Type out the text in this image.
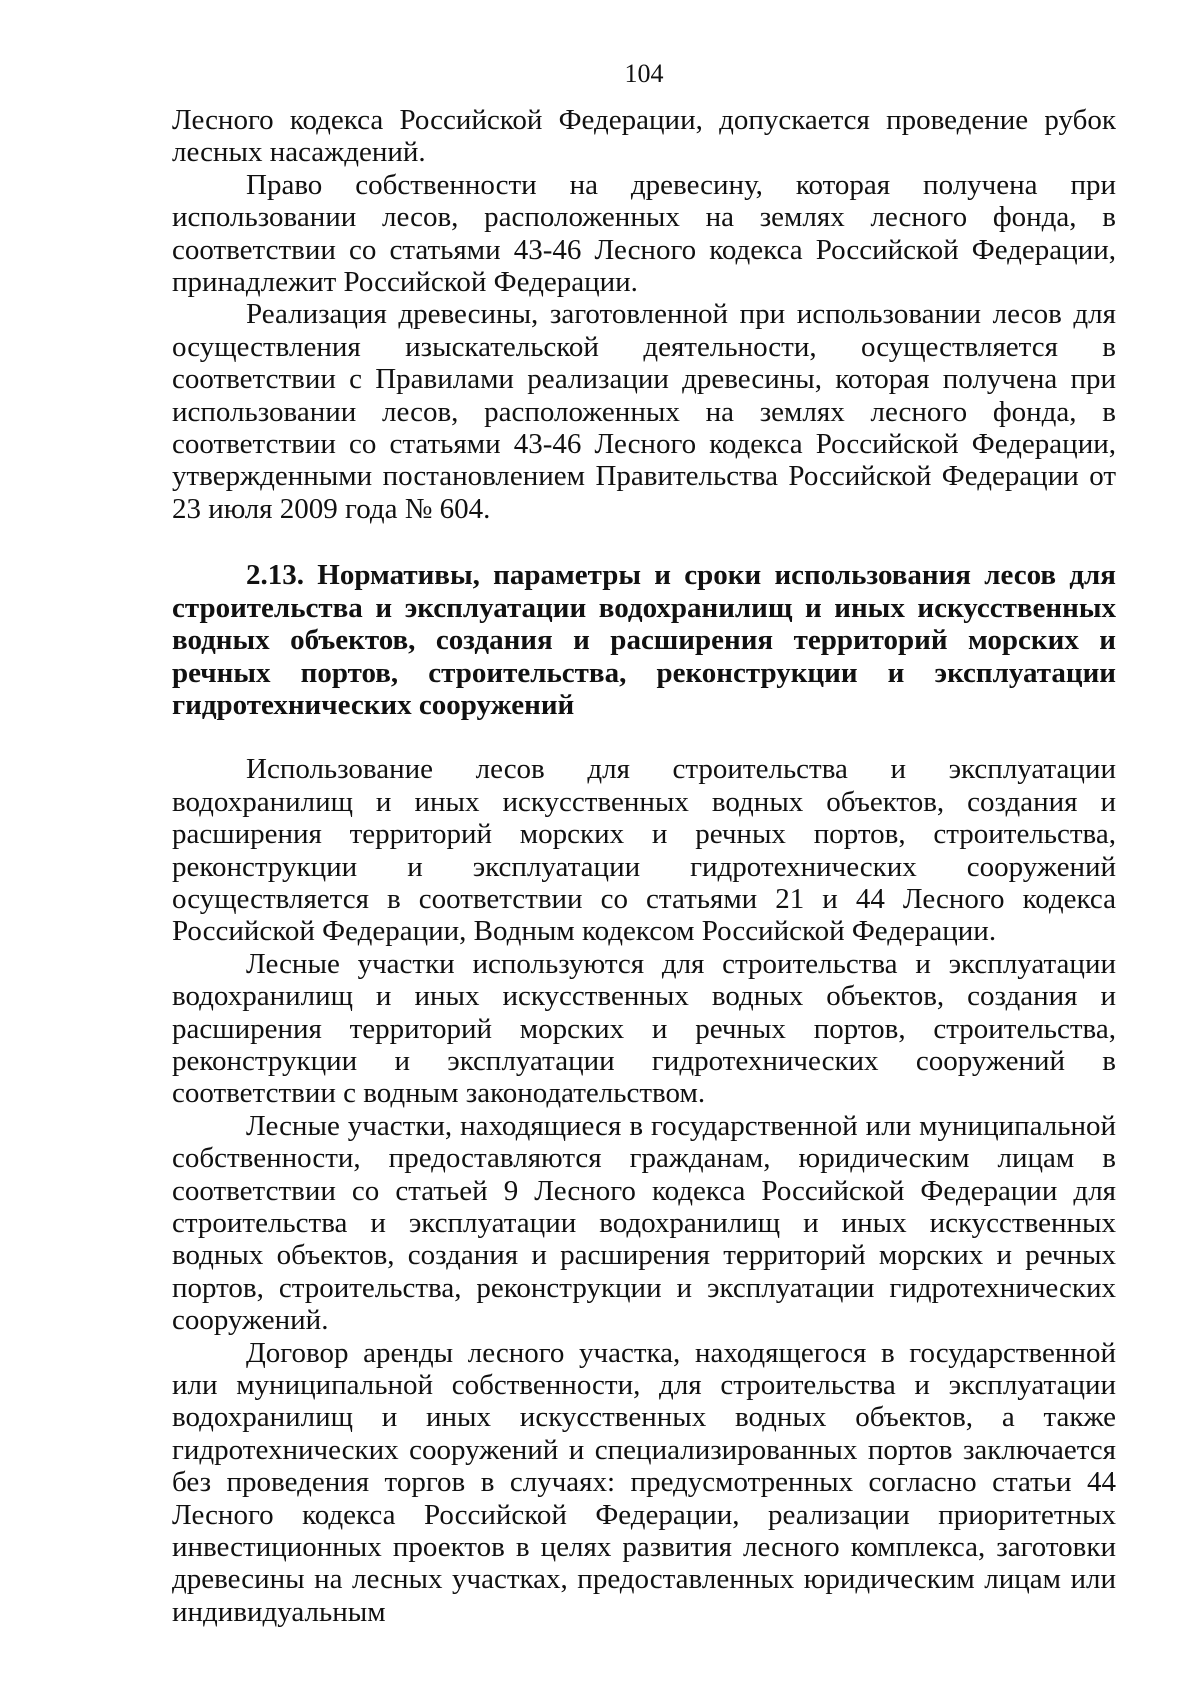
104

Лесного кодекса Российской Федерации, допускается проведение рубок лесных насаждений.

Право собственности на древесину, которая получена при использовании лесов, расположенных на землях лесного фонда, в соответствии со статьями 43-46 Лесного кодекса Российской Федерации, принадлежит Российской Федерации.

Реализация древесины, заготовленной при использовании лесов для осуществления изыскательской деятельности, осуществляется в соответствии с Правилами реализации древесины, которая получена при использовании лесов, расположенных на землях лесного фонда, в соответствии со статьями 43-46 Лесного кодекса Российской Федерации, утвержденными постановлением Правительства Российской Федерации от 23 июля 2009 года № 604.

2.13. Нормативы, параметры и сроки использования лесов для строительства и эксплуатации водохранилищ и иных искусственных водных объектов, создания и расширения территорий морских и речных портов, строительства, реконструкции и эксплуатации гидротехнических сооружений

Использование лесов для строительства и эксплуатации водохранилищ и иных искусственных водных объектов, создания и расширения территорий морских и речных портов, строительства, реконструкции и эксплуатации гидротехнических сооружений осуществляется в соответствии со статьями 21 и 44 Лесного кодекса Российской Федерации, Водным кодексом Российской Федерации.

Лесные участки используются для строительства и эксплуатации водохранилищ и иных искусственных водных объектов, создания и расширения территорий морских и речных портов, строительства, реконструкции и эксплуатации гидротехнических сооружений в соответствии с водным законодательством.

Лесные участки, находящиеся в государственной или муниципальной собственности, предоставляются гражданам, юридическим лицам в соответствии со статьей 9 Лесного кодекса Российской Федерации для строительства и эксплуатации водохранилищ и иных искусственных водных объектов, создания и расширения территорий морских и речных портов, строительства, реконструкции и эксплуатации гидротехнических сооружений.

Договор аренды лесного участка, находящегося в государственной или муниципальной собственности, для строительства и эксплуатации водохранилищ и иных искусственных водных объектов, а также гидротехнических сооружений и специализированных портов заключается без проведения торгов в случаях: предусмотренных согласно статьи 44 Лесного кодекса Российской Федерации, реализации приоритетных инвестиционных проектов в целях развития лесного комплекса, заготовки древесины на лесных участках, предоставленных юридическим лицам или индивидуальным
